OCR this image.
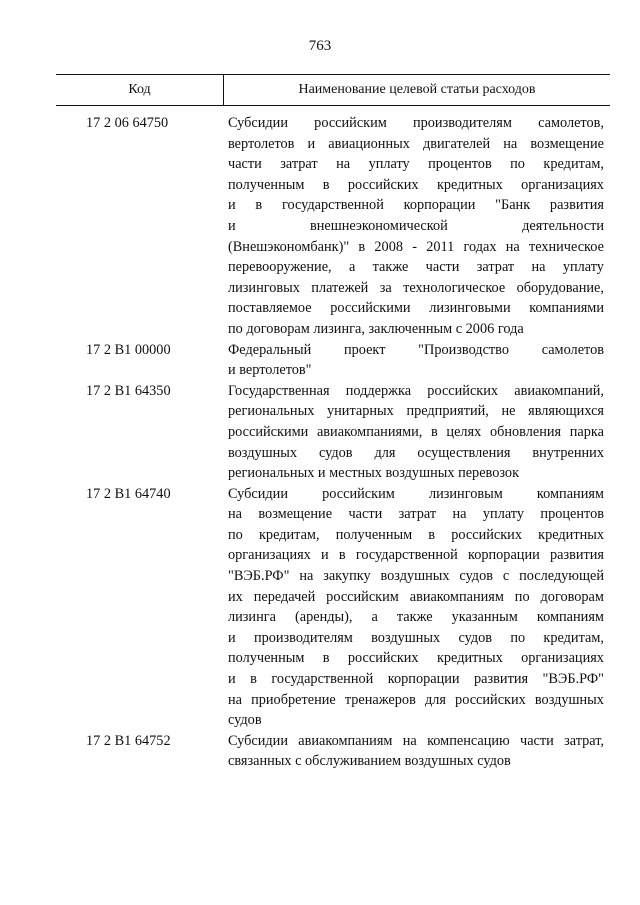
763
Код	Наименование целевой статьи расходов
17 2 06 64750	Субсидии российским производителям самолетов,
вертолетов и авиационных двигателей на возмещение
части затрат на уплату процентов по кредитам,
полученным в российских кредитных организациях
и в государственной корпорации "Банк развития
и	внешнеэкономической	деятельности
(Внешэкономбанк)" в 2008 - 2011 годах на техническое
перевооружение, а также части затрат на уплату
лизинговых платежей за технологическое оборудование,
поставляемое российскими лизинговыми компаниями
по договорам лизинга, заключенным с 2006 года
17 2 В1 00000	Федеральный проект "Производство самолетов
и вертолетов"
17 2 В1 64350	Государственная поддержка российских авиакомпаний,
региональных унитарных предприятий, не являющихся
российскими авиакомпаниями, в целях обновления парка
воздушных судов для осуществления внутренних
региональных и местных воздушных перевозок
17 2 В1 64740	Субсидии российским лизинговым компаниям
на возмещение части затрат на уплату процентов
по кредитам, полученным в российских кредитных
организациях и в государственной корпорации развития
"ВЭБ.РФ" на закупку воздушных судов с последующей
их передачей российским авиакомпаниям по договорам
лизинга (аренды), а также указанным компаниям
и производителям воздушных судов по кредитам,
полученным в российских кредитных организациях
и в государственной корпорации развития "ВЭБ.РФ"
на приобретение тренажеров для российских воздушных
судов
17 2 В1 64752	Субсидии авиакомпаниям на компенсацию части затрат,
связанных с обслуживанием воздушных судов
